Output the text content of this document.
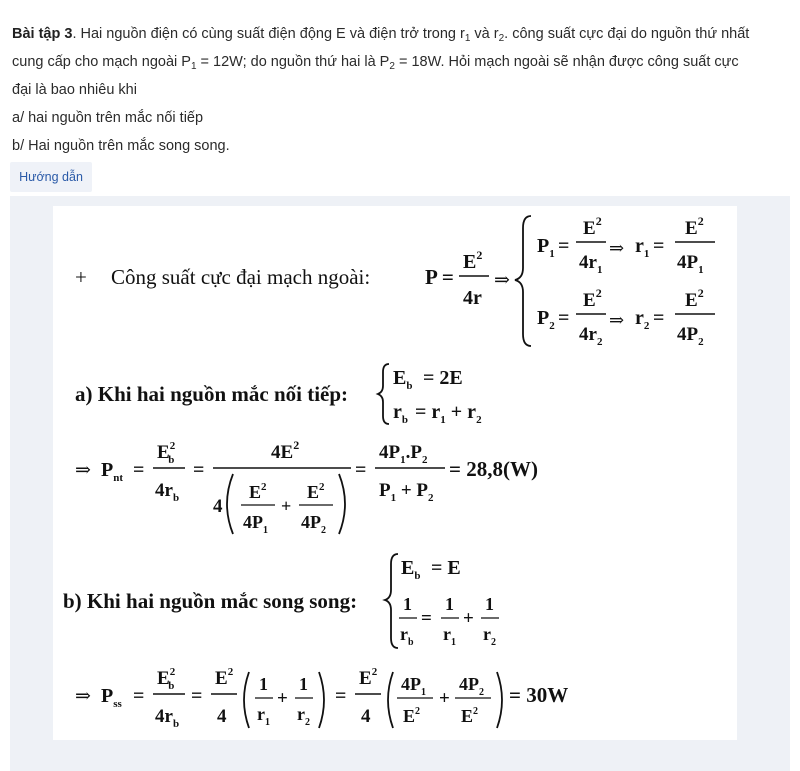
Bài tập 3. Hai nguồn điện có cùng suất điện động E và điện trở trong $r_1$ và $r_2$. công suất cực đại do nguồn thứ nhất
cung cấp cho mạch ngoài $P_1 = 12W$; do nguồn thứ hai là $P_2 = 18W$. Hỏi mạch ngoài sẽ nhận được công suất cực
đại là bao nhiêu khi
a/ hai nguồn trên mắc nối tiếp
b/ Hai nguồn trên mắc song song.
Hướng dẫn
+ Công suất cực đại mạch ngoài:	P =
$E^2$
4r
⇒
$P_1$ =
$E^2$
$4r_1$
⇒ $r_1$ =
$E^2$
$4P_1$
$P_2$ =
$E^2$
$4r_2$
⇒ $r_2$ =
$E^2$
$4P_2$
a) Khi hai nguồn mắc nối tiếp:
$E_b = 2E$
$r_b = r_1 + r_2$
⇒ $P_{nt}$ =
$E^2$ b
$4r_b$
=
$4E^2$
4
$E^2$
$4P_1$
+
$E^2$
$4P_2$
=
$4P_1.P_2$
$P_1 + P_2$
= 28,8(W)
b) Khi hai nguồn mắc song song:
$E_b = E$
1
$r_b$
=
1
$r_1$
+
1
$r_2$
⇒ $P_{ss}$ =
$E^2$ b
$4r_b$
=
$E^2$
4
1
$r_1$
+
1
$r_2$
=
$E^2$
4
$4P_1$
$E^2$
+
$4P_2$
$E^2$
= 30W
